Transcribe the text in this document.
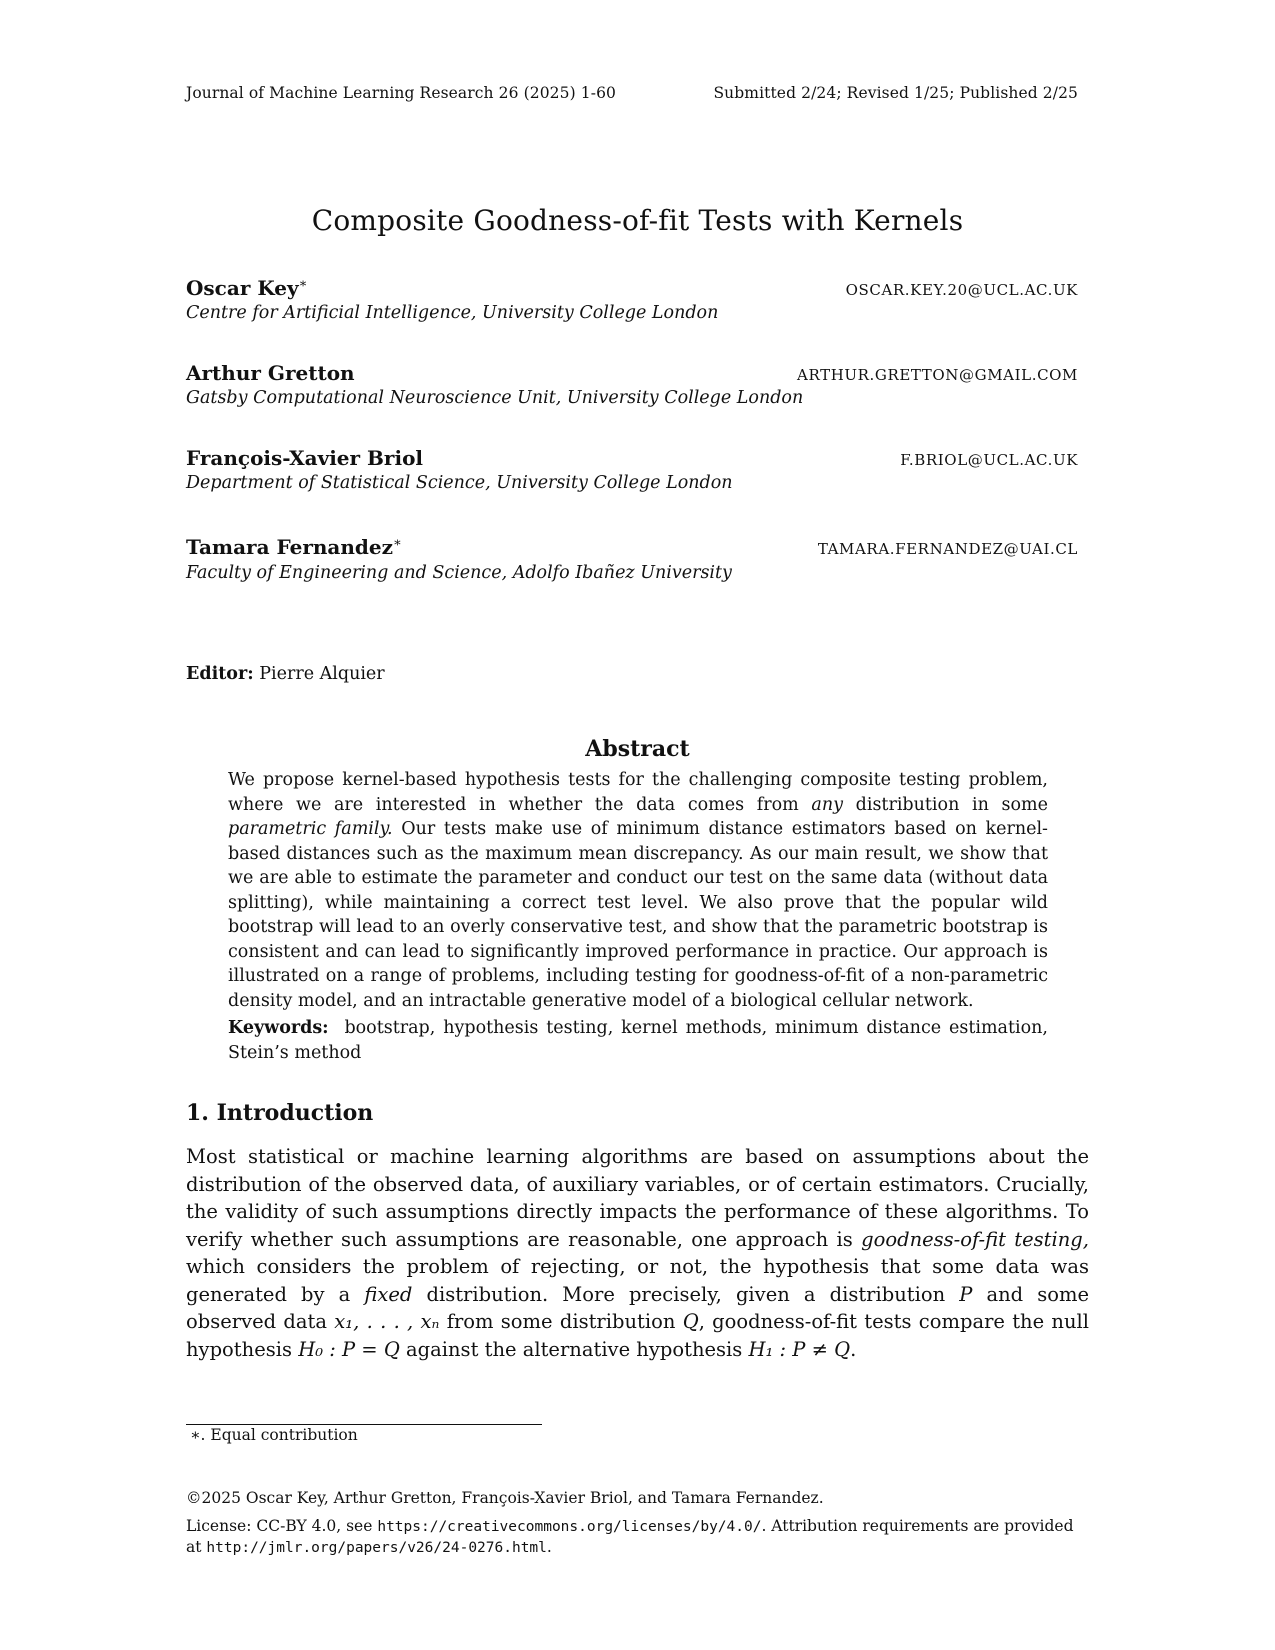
Journal of Machine Learning Research 26 (2025) 1-60	Submitted 2/24; Revised 1/25; Published 2/25
Composite Goodness-of-fit Tests with Kernels
Oscar Key∗	OSCAR.KEY.20@UCL.AC.UK
Centre for Artificial Intelligence, University College London
Arthur Gretton	ARTHUR.GRETTON@GMAIL.COM
Gatsby Computational Neuroscience Unit, University College London
François-Xavier Briol	F.BRIOL@UCL.AC.UK
Department of Statistical Science, University College London
Tamara Fernandez∗	TAMARA.FERNANDEZ@UAI.CL
Faculty of Engineering and Science, Adolfo Ibañez University
Editor: Pierre Alquier
Abstract
We propose kernel-based hypothesis tests for the challenging composite testing problem, where we are interested in whether the data comes from any distribution in some parametric family. Our tests make use of minimum distance estimators based on kernel-based distances such as the maximum mean discrepancy. As our main result, we show that we are able to estimate the parameter and conduct our test on the same data (without data splitting), while maintaining a correct test level. We also prove that the popular wild bootstrap will lead to an overly conservative test, and show that the parametric bootstrap is consistent and can lead to significantly improved performance in practice. Our approach is illustrated on a range of problems, including testing for goodness-of-fit of a non-parametric density model, and an intractable generative model of a biological cellular network.
Keywords: bootstrap, hypothesis testing, kernel methods, minimum distance estimation, Stein’s method
1. Introduction
Most statistical or machine learning algorithms are based on assumptions about the distribution of the observed data, of auxiliary variables, or of certain estimators. Crucially, the validity of such assumptions directly impacts the performance of these algorithms. To verify whether such assumptions are reasonable, one approach is goodness-of-fit testing, which considers the problem of rejecting, or not, the hypothesis that some data was generated by a fixed distribution. More precisely, given a distribution P and some observed data x₁, . . . , xₙ from some distribution Q, goodness-of-fit tests compare the null hypothesis H₀ : P = Q against the alternative hypothesis H₁ : P ≠ Q.
∗. Equal contribution
©2025 Oscar Key, Arthur Gretton, François-Xavier Briol, and Tamara Fernandez.
License: CC-BY 4.0, see https://creativecommons.org/licenses/by/4.0/. Attribution requirements are provided at http://jmlr.org/papers/v26/24-0276.html.
